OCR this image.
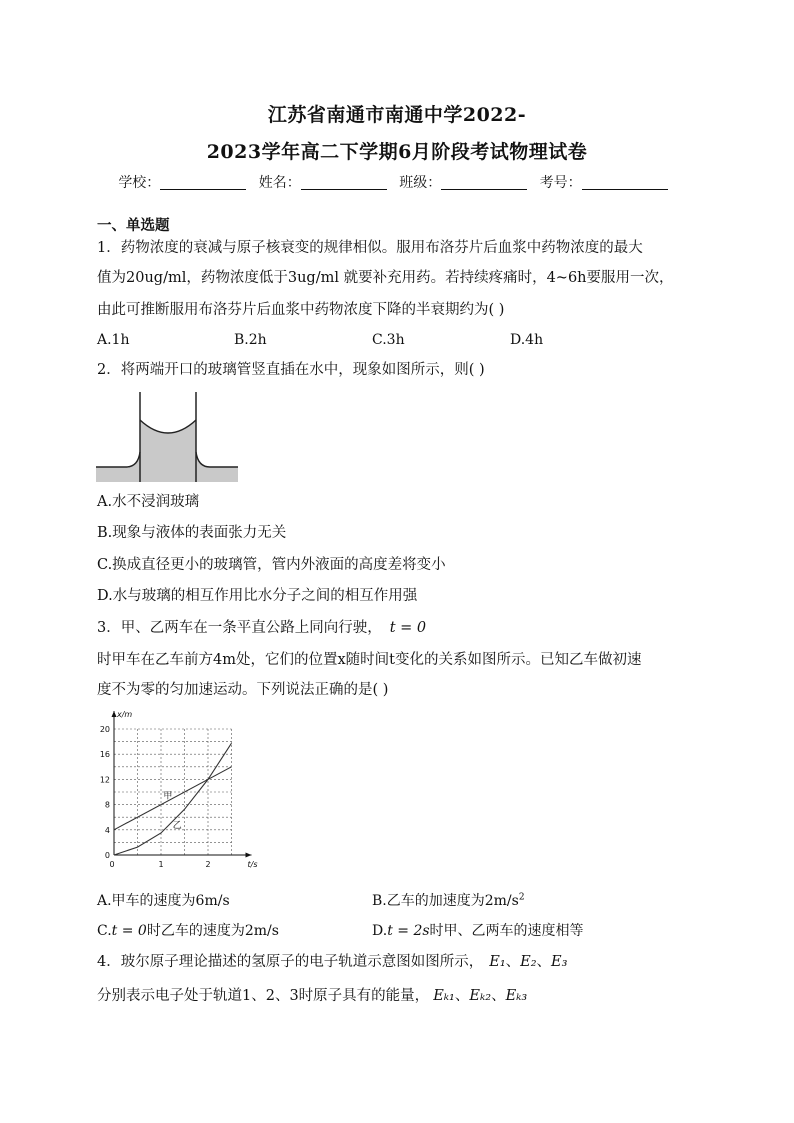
江苏省南通市南通中学2022-
2023学年高二下学期6月阶段考试物理试卷
学校：	姓名：	班级：	考号：
一、单选题
1．药物浓度的衰减与原子核衰变的规律相似。服用布洛芬片后血浆中药物浓度的最大
值为20ug/ml，药物浓度低于3ug/ml 就要补充用药。若持续疼痛时，4~6h要服用一次，
由此可推断服用布洛芬片后血浆中药物浓度下降的半衰期约为( )
A.1h	B.2h	C.3h	D.4h
2．将两端开口的玻璃管竖直插在水中，现象如图所示，则( )
A.水不浸润玻璃
B.现象与液体的表面张力无关
C.换成直径更小的玻璃管，管内外液面的高度差将变小
D.水与玻璃的相互作用比水分子之间的相互作用强
3．甲、乙两车在一条平直公路上同向行驶， t = 0
时甲车在乙车前方4m处，它们的位置x随时间t变化的关系如图所示。已知乙车做初速
度不为零的匀加速运动。下列说法正确的是( )
0
4
8
12
16
20
0	1	2
x/m
t/s
甲
乙
A.甲车的速度为6m/s	B.乙车的加速度为$2m/s^2$
C.t = 0时乙车的速度为2m/s	D.t = 2s时甲、乙两车的速度相等
4．玻尔原子理论描述的氢原子的电子轨道示意图如图所示， E₁、E₂、E₃
分别表示电子处于轨道1、2、3时原子具有的能量， Eₖ₁、Eₖ₂、Eₖ₃
